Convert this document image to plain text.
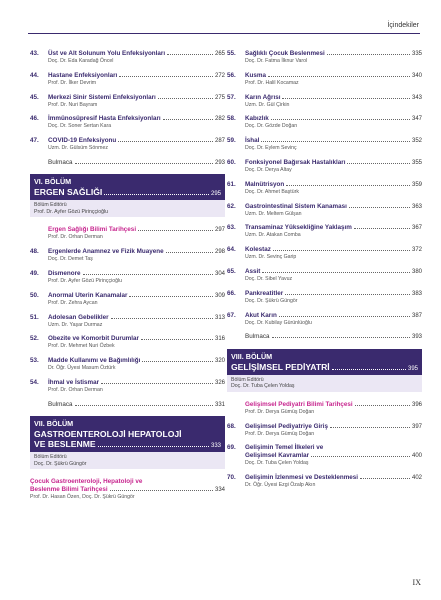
İçindekiler
43.	Üst ve Alt Solunum Yolu Enfeksiyonları	265
Doç. Dr. Eda Karadağ Öncel
44.	Hastane Enfeksiyonları	272
Prof. Dr. İlker Devrim
45.	Merkezi Sinir Sistemi Enfeksiyonları	275
Prof. Dr. Nuri Bayram
46.	İmmünosüpresif Hasta Enfeksiyonları	282
Doç. Dr. Soner Sertan Kara
47.	COVID-19 Enfeksiyonu	287
Uzm. Dr. Gülsüm Sönmez
Bulmaca	293
VI. BÖLÜM
ERGEN SAĞLIĞI	295
Bölüm Editörü
Prof. Dr. Ayfer Gözü Pirinççioğlu
Ergen Sağlığı Bilimi Tarihçesi	297
Prof. Dr. Orhan Derman
48.	Ergenlerde Anamnez ve Fizik Muayene	298
Doç. Dr. Demet Taş
49.	Dismenore	304
Prof. Dr. Ayfer Gözü Pirinççioğlu
50.	Anormal Uterin Kanamalar	309
Prof. Dr. Zehra Aycan
51.	Adolesan Gebelikler	313
Uzm. Dr. Yaşar Durmaz
52.	Obezite ve Komorbit Durumlar	316
Prof. Dr. Mehmet Nuri Özbek
53.	Madde Kullanımı ve Bağımlılığı	320
Dr. Öğr. Üyesi Masum Öztürk
54.	İhmal ve İstismar	326
Prof. Dr. Orhan Derman
Bulmaca	331
VII. BÖLÜM
GASTROENTEROLOJİ HEPATOLOJİ
VE BESLENME	333
Bölüm Editörü
Doç. Dr. Şükrü Güngör
Çocuk Gastroenteroloji, Hepatoloji ve
Beslenme Bilimi Tarihçesi	334
Prof. Dr. Hasan Özen, Doç. Dr. Şükrü Güngör
55.	Sağlıklı Çocuk Beslenmesi	335
Doç. Dr. Fatma İlknur Varol
56.	Kusma	340
Prof. Dr. Halil Kocamaz
57.	Karın Ağrısı	343
Uzm. Dr. Gül Çirkin
58.	Kabızlık	347
Doç. Dr. Gözde Doğan
59.	İshal	352
Doç. Dr. Eylem Sevinç
60.	Fonksiyonel Bağırsak Hastalıkları	355
Doç. Dr. Derya Altay
61.	Malnütrisyon	359
Doç. Dr. Ahmet Baştürk
62.	Gastrointestinal Sistem Kanaması	363
Uzm. Dr. Meltem Gülşan
63.	Transaminaz Yüksekliğine Yaklaşım	367
Uzm. Dr. Atakan Comba
64.	Kolestaz	372
Uzm. Dr. Sevinç Garip
65.	Assit	380
Doç. Dr. Sibel Yavuz
66.	Pankreatitler	383
Doç. Dr. Şükrü Güngör
67.	Akut Karın	387
Doç. Dr. Kubilay Gürünlüoğlu
Bulmaca	393
VIII. BÖLÜM
GELİŞİMSEL PEDİYATRİ	395
Bölüm Editörü
Doç. Dr. Tuba Çelen Yoldaş
Gelişimsel Pediyatri Bilimi Tarihçesi	396
Prof. Dr. Derya Gümüş Doğan
68.	Gelişimsel Pediyatriye Giriş	397
Prof. Dr. Derya Gümüş Doğan
69.	Gelişimin Temel İlkeleri ve
Gelişimsel Kavramlar	400
Doç. Dr. Tuba Çelen Yoldaş
70.	Gelişimin İzlenmesi ve Desteklenmesi	402
Dr. Öğr. Üyesi Ezgi Özalp Akın
IX
